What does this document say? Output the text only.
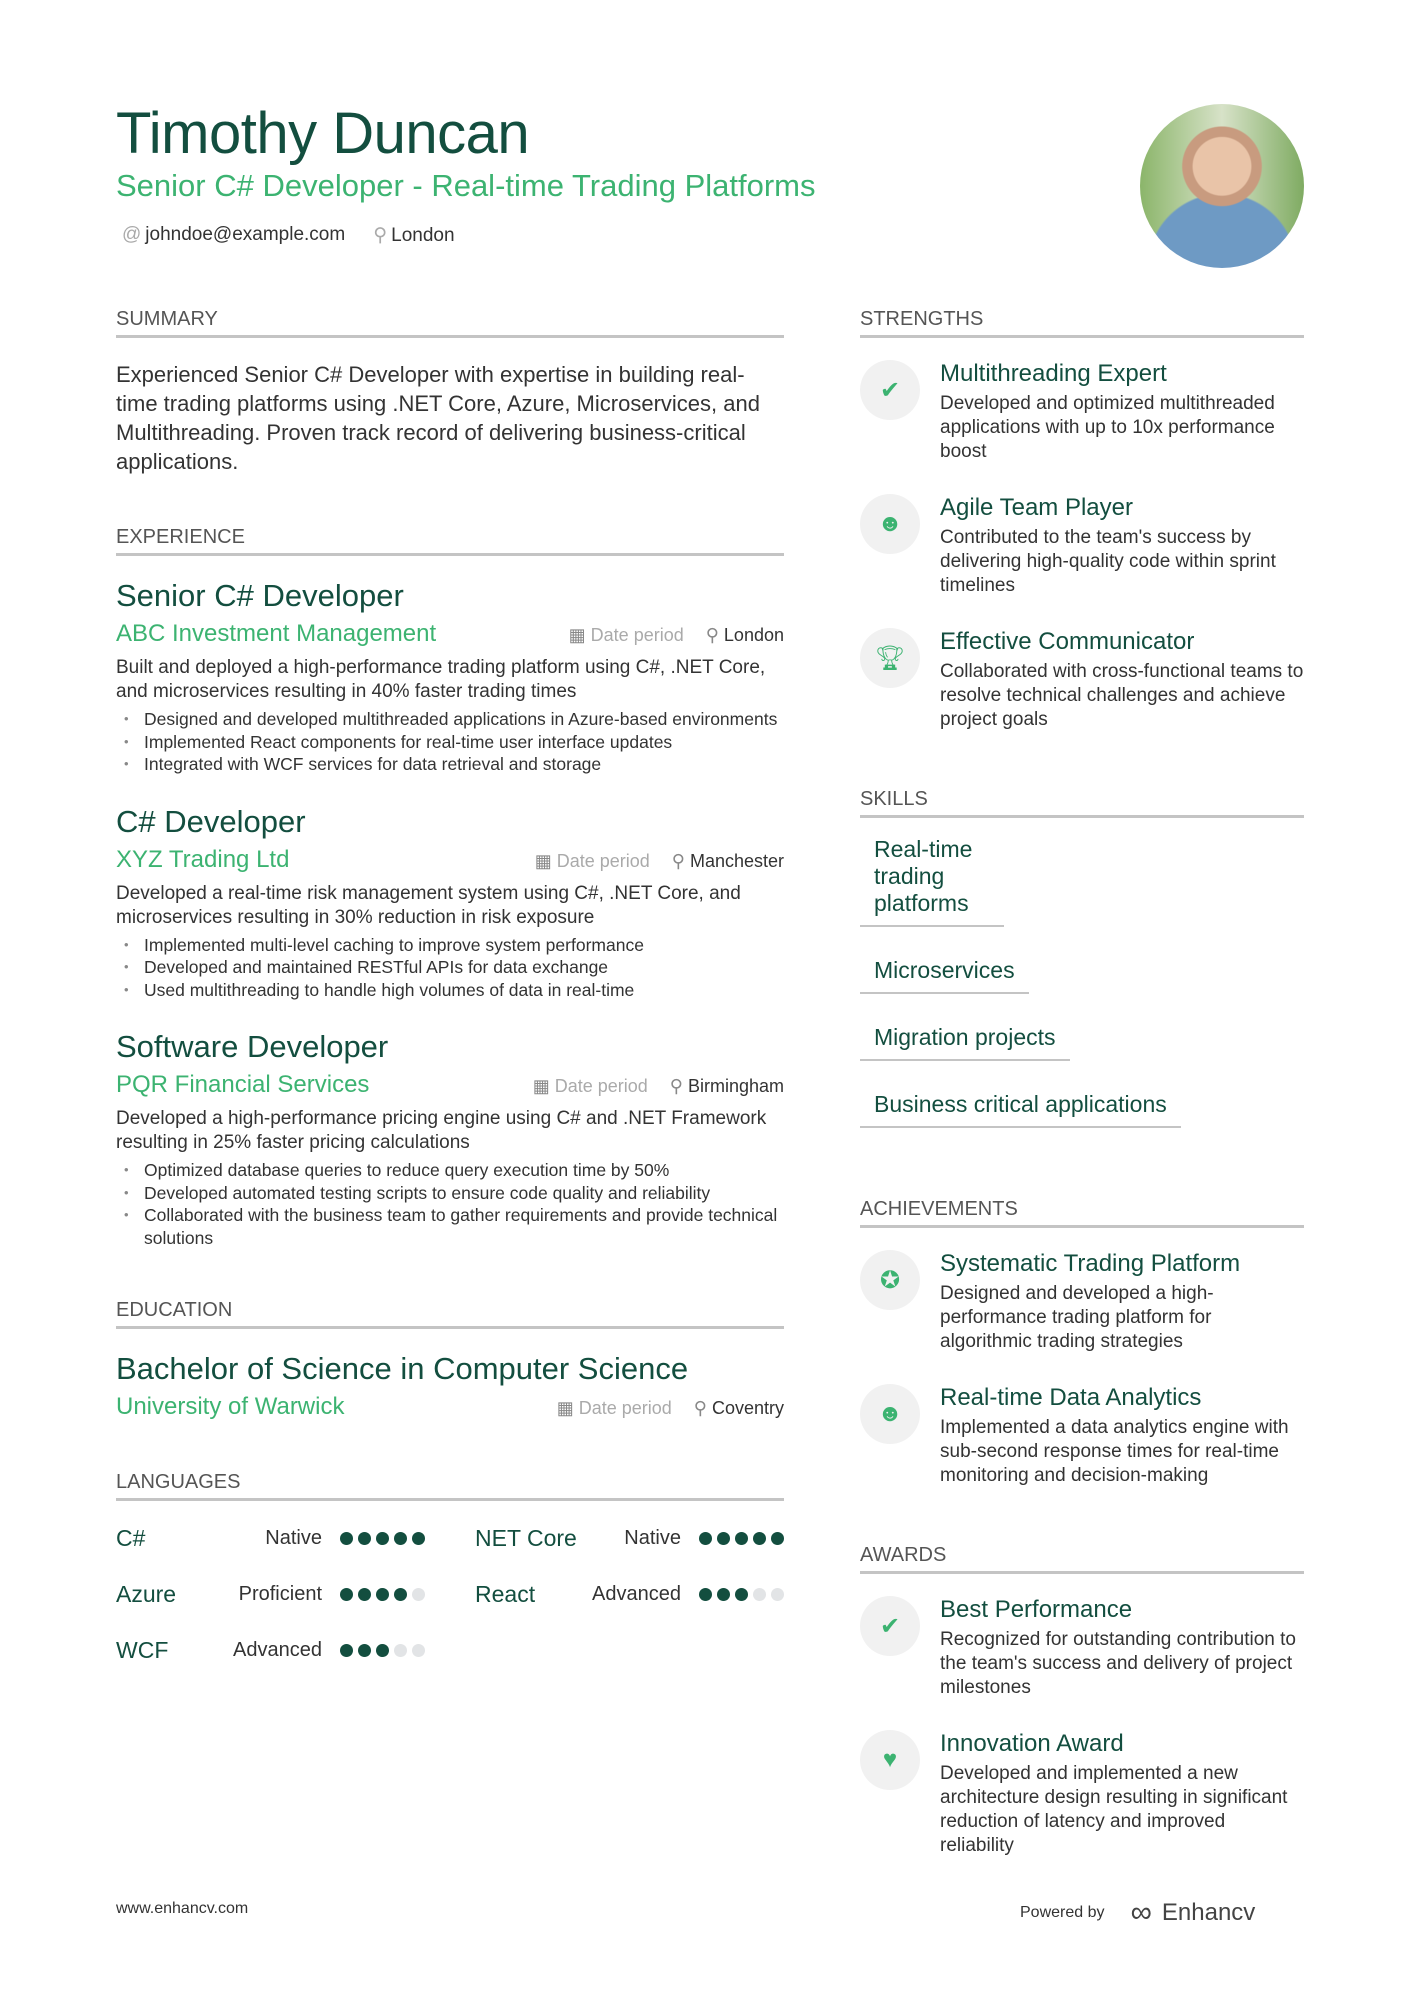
Timothy Duncan
Senior C# Developer - Real-time Trading Platforms
@ johndoe@example.com ⚲ London
SUMMARY
Experienced Senior C# Developer with expertise in building real-time trading platforms using .NET Core, Azure, Microservices, and Multithreading. Proven track record of delivering business-critical applications.
EXPERIENCE
Senior C# Developer
ABC Investment Management	▦ Date period ⚲ London
Built and deployed a high-performance trading platform using C#, .NET Core, and microservices resulting in 40% faster trading times
• Designed and developed multithreaded applications in Azure-based environments
• Implemented React components for real-time user interface updates
• Integrated with WCF services for data retrieval and storage
C# Developer
XYZ Trading Ltd	▦ Date period ⚲ Manchester
Developed a real-time risk management system using C#, .NET Core, and microservices resulting in 30% reduction in risk exposure
• Implemented multi-level caching to improve system performance
• Developed and maintained RESTful APIs for data exchange
• Used multithreading to handle high volumes of data in real-time
Software Developer
PQR Financial Services	▦ Date period ⚲ Birmingham
Developed a high-performance pricing engine using C# and .NET Framework resulting in 25% faster pricing calculations
• Optimized database queries to reduce query execution time by 50%
• Developed automated testing scripts to ensure code quality and reliability
• Collaborated with the business team to gather requirements and provide technical solutions
EDUCATION
Bachelor of Science in Computer Science
University of Warwick	▦ Date period ⚲ Coventry
LANGUAGES
C#	Native	NET Core	Native
Azure	Proficient	React	Advanced
WCF	Advanced
STRENGTHS
✔
Multithreading Expert
Developed and optimized multithreaded applications with up to 10x performance boost
☻
Agile Team Player
Contributed to the team's success by delivering high-quality code within sprint timelines
🏆︎
Effective Communicator
Collaborated with cross-functional teams to resolve technical challenges and achieve project goals
SKILLS
Real-time trading platforms
Microservices
Migration projects
Business critical applications
ACHIEVEMENTS
✪
Systematic Trading Platform
Designed and developed a high-performance trading platform for algorithmic trading strategies
☻
Real-time Data Analytics
Implemented a data analytics engine with sub-second response times for real-time monitoring and decision-making
AWARDS
✔
Best Performance
Recognized for outstanding contribution to the team's success and delivery of project milestones
♥
Innovation Award
Developed and implemented a new architecture design resulting in significant reduction of latency and improved reliability
www.enhancv.com	Powered by ∞ Enhancv
